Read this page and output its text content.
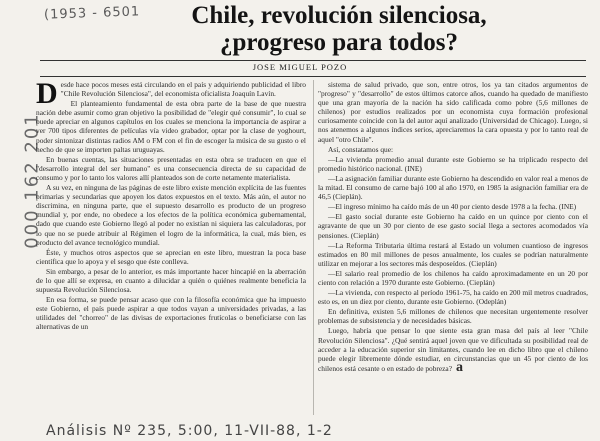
(1953 - 6501
000 162 201
Chile, revolución silenciosa,
¿progreso para todos?
JOSE MIGUEL POZO

Desde hace pocos meses está circulando en el país y adquiriendo publicidad el libro "Chile Revolución Silenciosa", del economista oficialista Joaquín Lavín.

El planteamiento fundamental de esta obra parte de la base de que nuestra nación debe asumir como gran objetivo la posibilidad de "elegir qué consumir", lo cual se puede apreciar en algunos capítulos en los cuales se menciona la importancia de aspirar a ver 700 tipos diferentes de películas vía video grabador, optar por la clase de yoghourt, poder sintonizar distintas radios AM o FM con el fin de escoger la música de su gusto o el hecho de que se importen paltas uruguayas.

En buenas cuentas, las situaciones presentadas en esta obra se traducen en que el "desarrollo integral del ser humano" es una consecuencia directa de su capacidad de consumo y por lo tanto los valores allí planteados son de corte netamente materialista.

A su vez, en ninguna de las páginas de este libro existe mención explícita de las fuentes primarias y secundarias que apoyen los datos expuestos en el texto. Más aún, el autor no discrimina, en ninguna parte, que el supuesto desarrollo es producto de un progreso mundial y, por ende, no obedece a los efectos de la política económica gubernamental, dado que cuando este Gobierno llegó al poder no existían ni siquiera las calculadoras, por lo que no se puede atribuir al Régimen el logro de la informática, la cual, más bien, es producto del avance tecnológico mundial.

Éste, y muchos otros aspectos que se aprecian en este libro, muestran la poca base científica que lo apoya y el sesgo que éste conlleva.

Sin embargo, a pesar de lo anterior, es más importante hacer hincapié en la aberración de lo que allí se expresa, en cuanto a dilucidar a quién o quiénes realmente beneficia la supuesta Revolución Silenciosa.

En esa forma, se puede pensar acaso que con la filosofía económica que ha impuesto este Gobierno, el país puede aspirar a que todos vayan a universidades privadas, a las utilidades del "chorreo" de las divisas de exportaciones frutícolas o beneficiarse con las alternativas de un

sistema de salud privado, que son, entre otros, los ya tan citados argumentos de "progreso" y "desarrollo" de estos últimos catorce años, cuando ha quedado de manifiesto que una gran mayoría de la nación ha sido calificada como pobre (5,6 millones de chilenos) por estudios realizados por un economista cuya formación profesional curiosamente coincide con la del autor aquí analizado (Universidad de Chicago). Luego, si nos atenemos a algunos índices serios, apreciaremos la cara opuesta y por lo tanto real de aquel "otro Chile".

Así, constatamos que:

—La vivienda promedio anual durante este Gobierno se ha triplicado respecto del promedio histórico nacional. (INE)

—La asignación familiar durante este Gobierno ha descendido en valor real a menos de la mitad. El consumo de carne bajó 100 al año 1970, en 1985 la asignación familiar era de 46,5 (Cieplán).

—El ingreso mínimo ha caído más de un 40 por ciento desde 1978 a la fecha. (INE)

—El gasto social durante este Gobierno ha caído en un quince por ciento con el agravante de que un 30 por ciento de ese gasto social llega a sectores acomodados vía pensiones. (Cieplán)

—La Reforma Tributaria última restará al Estado un volumen cuantioso de ingresos estimados en 80 mil millones de pesos anualmente, los cuales se podrían naturalmente utilizar en mejorar a los sectores más desposeídos. (Cieplán)

—El salario real promedio de los chilenos ha caído aproximadamente en un 20 por ciento con relación a 1970 durante este Gobierno. (Cieplán)

—La vivienda, con respecto al período 1961-75, ha caído en 200 mil metros cuadrados, esto es, en un diez por ciento, durante este Gobierno. (Odeplán)

En definitiva, existen 5,6 millones de chilenos que necesitan urgentemente resolver problemas de subsistencia y de necesidades básicas.

Luego, habría que pensar lo que siente esta gran masa del país al leer "Chile Revolución Silenciosa". ¿Qué sentirá aquel joven que ve dificultada su posibilidad real de acceder a la educación superior sin limitantes, cuando lee en dicho libro que el chileno puede elegir libremente dónde estudiar, en circunstancias que un 45 por ciento de los chilenos está cesante o en estado de pobreza? a

Análisis Nº 235, 5:00, 11-VII-88, 1-2
